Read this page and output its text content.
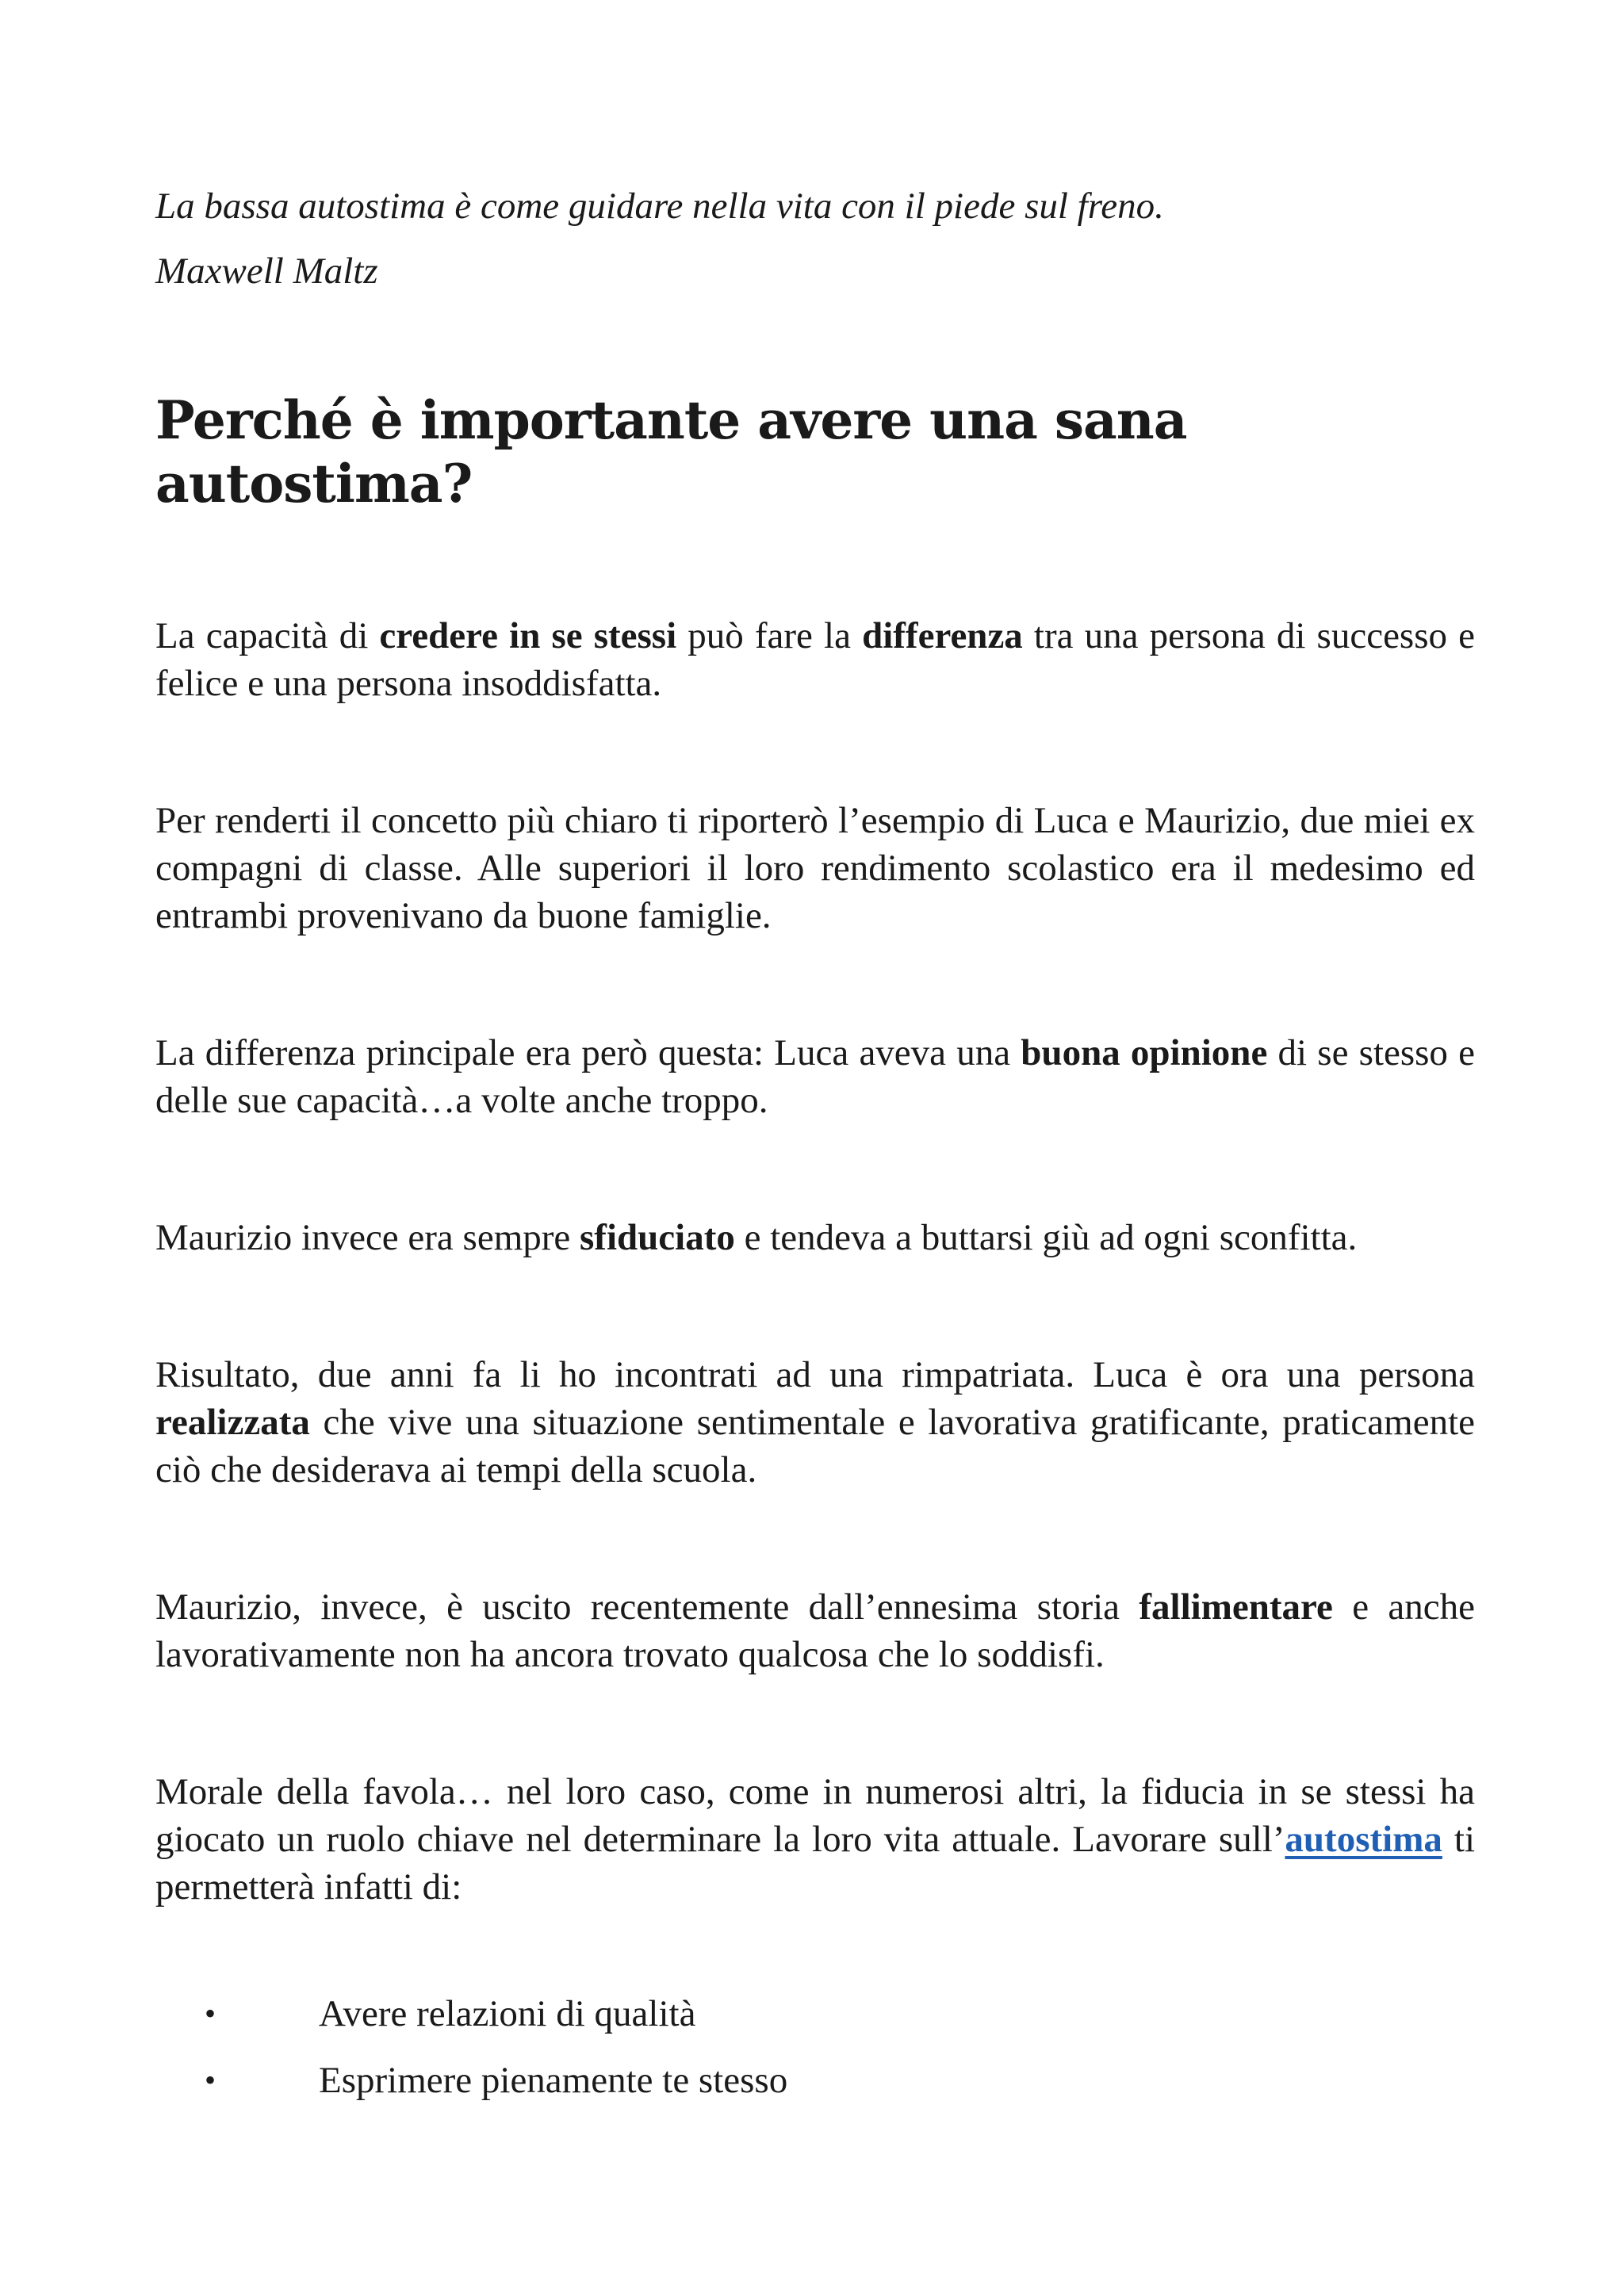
La bassa autostima è come guidare nella vita con il piede sul freno.

Maxwell Maltz

Perché è importante avere una sana autostima?

La capacità di credere in se stessi può fare la differenza tra una persona di successo e felice e una persona insoddisfatta.

Per renderti il concetto più chiaro ti riporterò l’esempio di Luca e Maurizio, due miei ex compagni di classe. Alle superiori il loro rendimento scolastico era il medesimo ed entrambi provenivano da buone famiglie.

La differenza principale era però questa: Luca aveva una buona opinione di se stesso e delle sue capacità…a volte anche troppo.

Maurizio invece era sempre sfiduciato e tendeva a buttarsi giù ad ogni sconfitta.

Risultato, due anni fa li ho incontrati ad una rimpatriata. Luca è ora una persona realizzata che vive una situazione sentimentale e lavorativa gratificante, praticamente ciò che desiderava ai tempi della scuola.

Maurizio, invece, è uscito recentemente dall’ennesima storia fallimentare e anche lavorativamente non ha ancora trovato qualcosa che lo soddisfi.

Morale della favola… nel loro caso, come in numerosi altri, la fiducia in se stessi ha giocato un ruolo chiave nel determinare la loro vita attuale. Lavorare sull’autostima ti permetterà infatti di:

•	Avere relazioni di qualità
•	Esprimere pienamente te stesso
